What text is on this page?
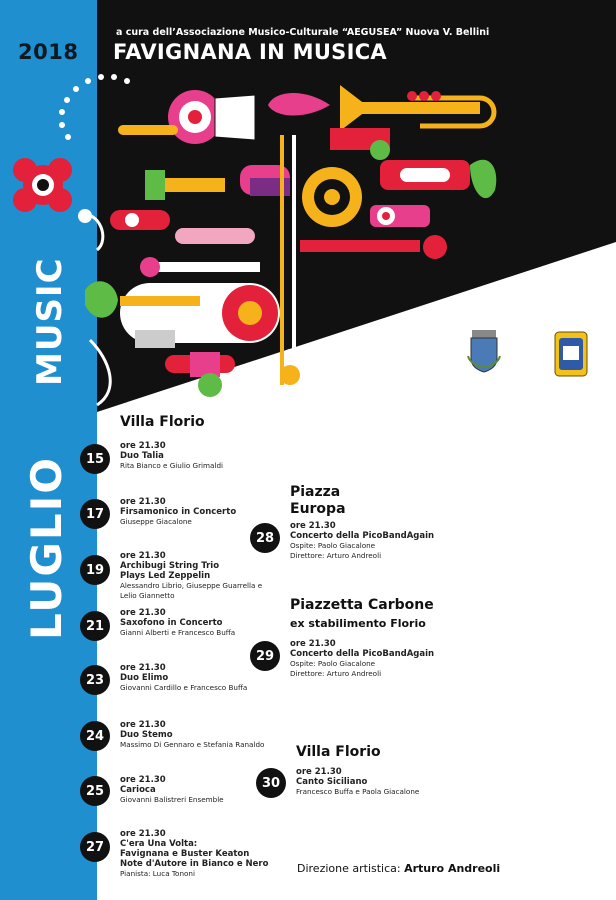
2018
a cura dell’Associazione Musico-Culturale “AEGUSEA” Nuova V. Bellini
FAVIGNANA IN MUSICA
MUSIC
LUGLIO
Villa Florio
Piazza
Europa
Piazzetta Carbone
ex stabilimento Florio
Villa Florio
15
ore 21.30
Duo Talia
Rita Bianco e Giulio Grimaldi
17
ore 21.30
Firsamonico in Concerto
Giuseppe Giacalone
19
ore 21.30
Archibugi String Trio
Plays Led Zeppelin
Alessandro Librio, Giuseppe Guarrella e
Lelio Giannetto
21
ore 21.30
Saxofono in Concerto
Gianni Alberti e Francesco Buffa
23
ore 21.30
Duo Elimo
Giovanni Cardillo e Francesco Buffa
24
ore 21.30
Duo Stemo
Massimo Di Gennaro e Stefania Ranaldo
25
ore 21.30
Carioca
Giovanni Balistreri Ensemble
27
ore 21.30
C'era Una Volta:
Favignana e Buster Keaton
Note d'Autore in Bianco e Nero
Pianista: Luca Tononi
28
ore 21.30
Concerto della PicoBandAgain
Ospite: Paolo Giacalone
Direttore: Arturo Andreoli
29
ore 21.30
Concerto della PicoBandAgain
Ospite: Paolo Giacalone
Direttore: Arturo Andreoli
30
ore 21.30
Canto Siciliano
Francesco Buffa e Paola Giacalone
Direzione artistica: Arturo Andreoli
